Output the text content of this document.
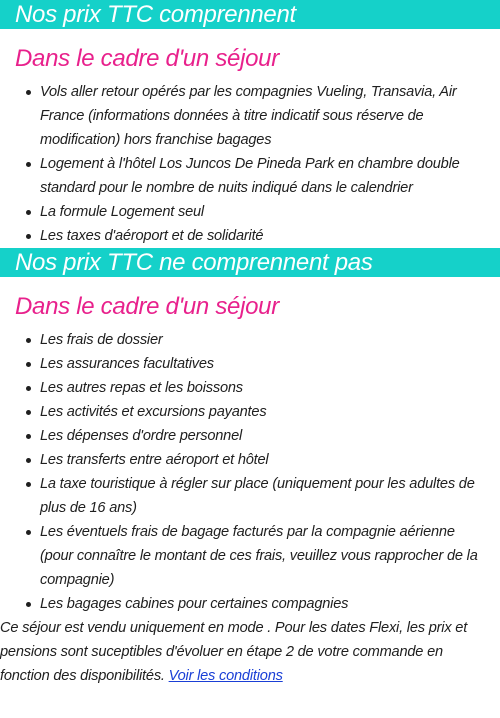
Nos prix TTC comprennent
Dans le cadre d'un séjour
Vols aller retour opérés par les compagnies Vueling, Transavia, Air France (informations données à titre indicatif sous réserve de modification) hors franchise bagages
Logement à l'hôtel Los Juncos De Pineda Park en chambre double standard pour le nombre de nuits indiqué dans le calendrier
La formule Logement seul
Les taxes d'aéroport et de solidarité
Nos prix TTC ne comprennent pas
Dans le cadre d'un séjour
Les frais de dossier
Les assurances facultatives
Les autres repas et les boissons
Les activités et excursions payantes
Les dépenses d'ordre personnel
Les transferts entre aéroport et hôtel
La taxe touristique à régler sur place (uniquement pour les adultes de plus de 16 ans)
Les éventuels frais de bagage facturés par la compagnie aérienne (pour connaître le montant de ces frais, veuillez vous rapprocher de la compagnie)
Les bagages cabines pour certaines compagnies

Ce séjour est vendu uniquement en mode . Pour les dates Flexi, les prix et pensions sont suceptibles d'évoluer en étape 2 de votre commande en fonction des disponibilités. Voir les conditions
